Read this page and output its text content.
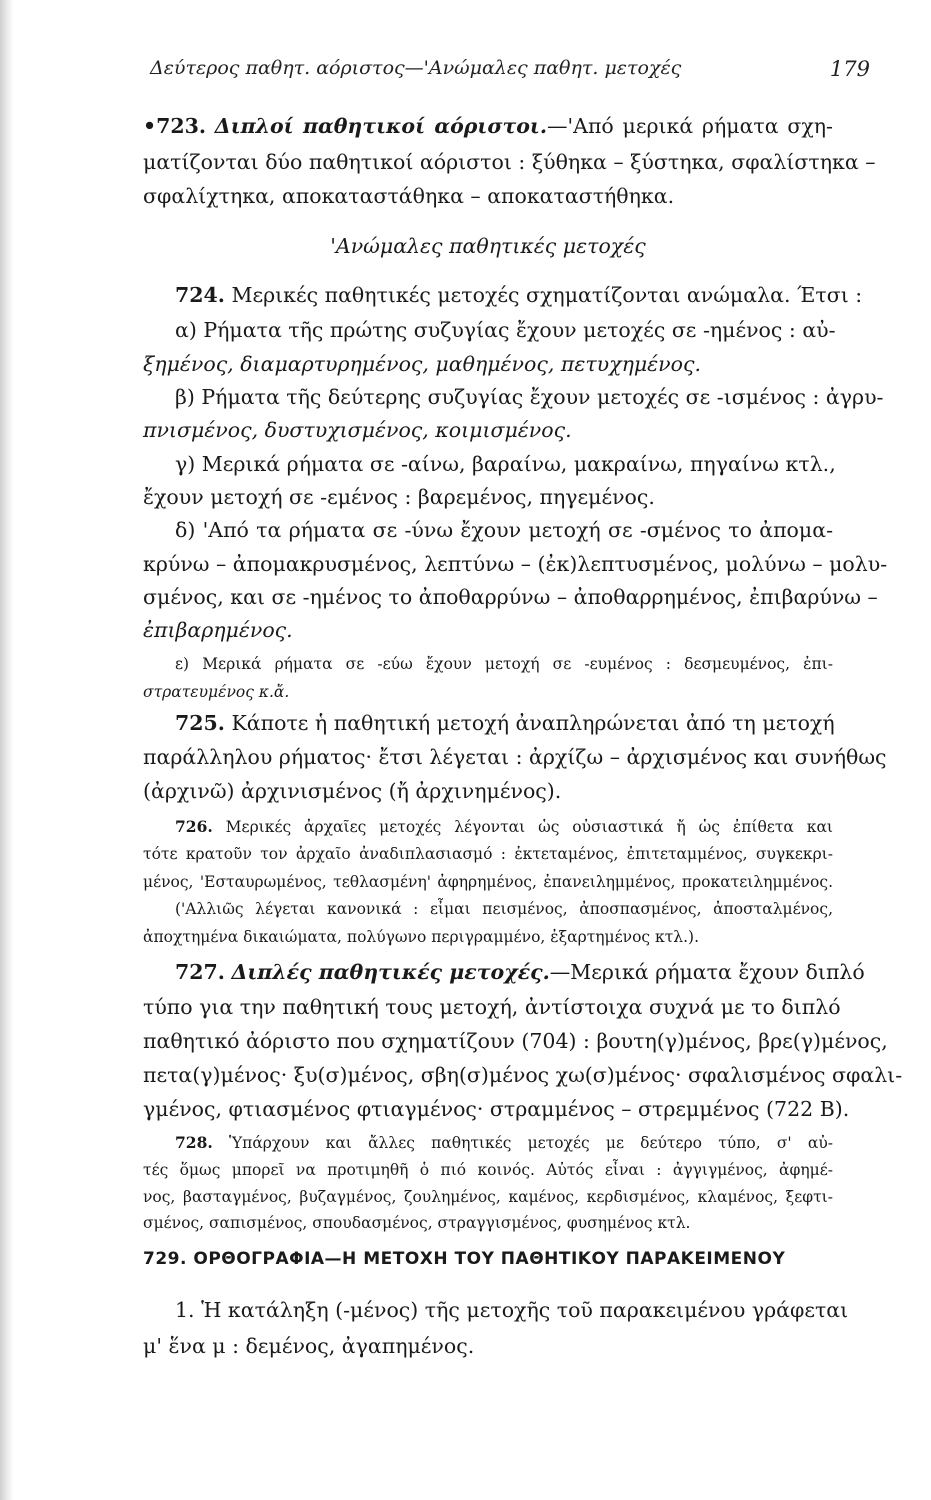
Δεύτερος παθητ. αόριστος—'Ανώμαλες παθητ. μετοχές	179
•723. Διπλοί παθητικοί αόριστοι.—'Από μερικά ρήματα σχη-
ματίζονται δύο παθητικοί αόριστοι : ξύθηκα – ξύστηκα, σφαλίστηκα –
σφαλίχτηκα, αποκαταστάθηκα – αποκαταστήθηκα.
'Ανώμαλες παθητικές μετοχές
724. Μερικές παθητικές μετοχές σχηματίζονται ανώμαλα. Έτσι :
α) Ρήματα τῆς πρώτης συζυγίας ἔχουν μετοχές σε -ημένος : αὐ-
ξημένος, διαμαρτυρημένος, μαθημένος, πετυχημένος.
β) Ρήματα τῆς δεύτερης συζυγίας ἔχουν μετοχές σε -ισμένος : ἀγρυ-
πνισμένος, δυστυχισμένος, κοιμισμένος.
γ) Μερικά ρήματα σε -αίνω, βαραίνω, μακραίνω, πηγαίνω κτλ.,
ἔχουν μετοχή σε -εμένος : βαρεμένος, πηγεμένος.
δ) 'Από τα ρήματα σε -ύνω ἔχουν μετοχή σε -σμένος το ἀπομα-
κρύνω – ἀπομακρυσμένος, λεπτύνω – (ἐκ)λεπτυσμένος, μολύνω – μολυ-
σμένος, και σε -ημένος το ἀποθαρρύνω – ἀποθαρρημένος, ἐπιβαρύνω –
ἐπιβαρημένος.
ε) Μερικά ρήματα σε -εύω ἔχουν μετοχή σε -ευμένος : δεσμευμένος, ἐπι-
στρατευμένος κ.ἄ.
725. Κάποτε ἡ παθητική μετοχή ἀναπληρώνεται ἀπό τη μετοχή
παράλληλου ρήματος· ἔτσι λέγεται : ἀρχίζω – ἀρχισμένος και συνήθως
(ἀρχινῶ) ἀρχινισμένος (ἤ ἀρχινημένος).
726. Μερικές ἀρχαῖες μετοχές λέγονται ὡς οὐσιαστικά ἤ ὡς ἐπίθετα και
τότε κρατοῦν τον ἀρχαῖο ἀναδιπλασιασμό : ἐκτεταμένος, ἐπιτεταμμένος, συγκεκρι-
μένος, 'Εσταυρωμένος, τεθλασμένη' ἀφηρημένος, ἐπανειλημμένος, προκατειλημμένος.
('Αλλιῶς λέγεται κανονικά : εἶμαι πεισμένος, ἀποσπασμένος, ἀποσταλμένος,
ἀποχτημένα δικαιώματα, πολύγωνο περιγραμμένο, ἐξαρτημένος κτλ.).
727. Διπλές παθητικές μετοχές.—Μερικά ρήματα ἔχουν διπλό
τύπο για την παθητική τους μετοχή, ἀντίστοιχα συχνά με το διπλό
παθητικό ἀόριστο που σχηματίζουν (704) : βουτη(γ)μένος, βρε(γ)μένος,
πετα(γ)μένος· ξυ(σ)μένος, σβη(σ)μένος χω(σ)μένος· σφαλισμένος σφαλι-
γμένος, φτιασμένος φτιαγμένος· στραμμένος – στρεμμένος (722 Β).
728. Ὑπάρχουν και ἄλλες παθητικές μετοχές με δεύτερο τύπο, σ' αὐ-
τές ὅμως μπορεῖ να προτιμηθῆ ὁ πιό κοινός. Αὐτός εἶναι : ἀγγιγμένος, ἀφημέ-
νος, βασταγμένος, βυζαγμένος, ζουλημένος, καμένος, κερδισμένος, κλαμένος, ξεφτι-
σμένος, σαπισμένος, σπουδασμένος, στραγγισμένος, φυσημένος κτλ.
729. ΟΡΘΟΓΡΑΦΙΑ—Η ΜΕΤΟΧΗ ΤΟΥ ΠΑΘΗΤΙΚΟΥ ΠΑΡΑΚΕΙΜΕΝΟΥ
1. Ἡ κατάληξη (-μένος) τῆς μετοχῆς τοῦ παρακειμένου γράφεται
μ' ἕνα μ : δεμένος, ἀγαπημένος.
